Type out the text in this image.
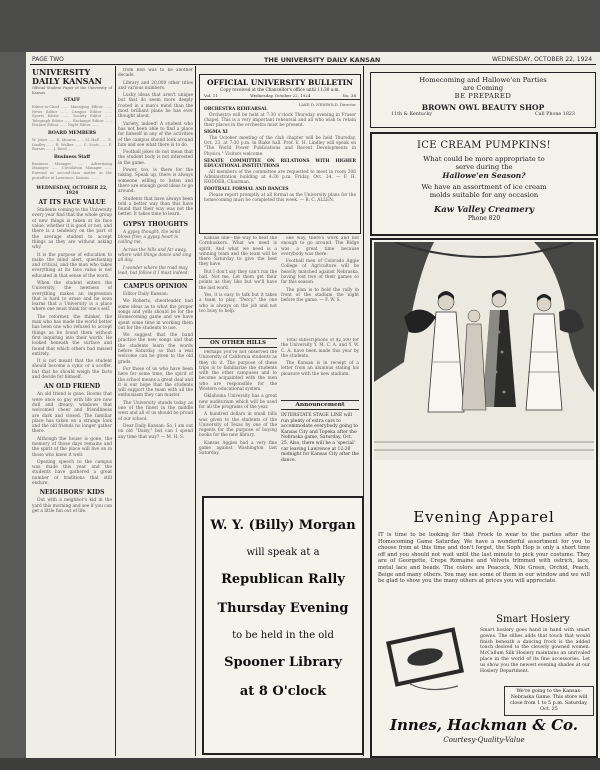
PAGE TWO	THE UNIVERSITY DAILY KANSAN	WEDNESDAY, OCTOBER 22, 1924
UNIVERSITY DAILY KANSAN
Official Student Paper of the University of Kansas
STAFF
Editor-in-Chief ...... Managing Editor ...... News Editor ...... Campus Editor ...... Sports Editor ...... Society Editor ...... Telegraph Editor ...... Exchange Editor ...... Feature Editor ...... Night Editor ......
BOARD MEMBERS
W. Jones ...... K. Monroe ...... M. Hall ...... E. Lindley ...... R. Walker ...... C. Scott ...... F. Barnes ...... J. Reed ......
Business Staff
Business Manager ...... Advertising Manager ...... Circulation Manager ...... Entered as second-class matter at the postoffice at Lawrence, Kansas ......
WEDNESDAY, OCTOBER 22, 1924
AT ITS FACE VALUE

Students coming to the University every year find that the whole group of new things is taken at its face value, whether it is good or not, and there is a tendency on the part of the average student to accept things as they are without asking why.

It is the purpose of education to make the mind alert, questioning and critical, and the man who takes everything at its face value is not educated in that sense of the word.

When the student enters the University, the newness of everything makes an impression that is hard to erase and he soon learns that a University is a place where one must think for one's self.

The reformer, the thinker, the man who has made the world better has been one who refused to accept things as he found them without first inquiring into their worth. He looked beneath the surface and found that which others had missed entirely.

It is not meant that the student should become a cynic or a scoffer, but that he should weigh the facts and decide for himself.

AN OLD FRIEND

An old friend is gone. Rooms that were once so gay with life are now dull and dreary; windows that welcomed cheer and friendliness are dark and closed. The familiar place has taken on a strange look and the old friends no longer gather there.

Although the house is gone, the memory of those days remains and the spirit of the place will live on in those who knew it well.

Opening speech to the campus was made this year and the students have gathered a great number of traditions that still endure.

NEIGHBORS' KIDS

Out with a neighbor's kid in the yard this morning and see if you can get a little fun out of life.

from Bob was to be another decade.

Library and 20,000 other titles and various numbers.

Lucky ideas that aren't unique but that do seem more deeply rooted in a man's mind than the most brilliant plans he has ever thought about.

Variety, indeed! A student who has not been able to find a place for himself in any of the activities of the campus should look around him and see what there is to do.

Football jokes do not mean that the student body is not interested in the game.

Power, too, is there for the taking. Speak up, there is always someone willing to listen and there are enough good ideas to go around.

Students that have always been told a better way than this have found that their way was not the better. It takes time to learn.

GYPSY THOUGHTS

A gypsy thought, the wind blows free; a gypsy heart is calling me,

Across the hills and far away, where wild things dance and sing all day.

I wonder where the road may lead, but follow it I must indeed.

CAMPUS OPINION

Editor Daily Kansan:

We Roberts, cheerleader, had some ideas as to what the proper songs and yells should be for the Homecoming game and we have spent some time in working them out for the students to use.

We suggest that the band practice the new songs and that the students learn the words before Saturday so that a real welcome can be given to the old grads.

For those of us who have been here for some time, the spirit of the school means a great deal and it is our hope that the students will support the team with all the enthusiasm they can muster.

The University stands today as one of the finest in the middle west and all of us should be proud of our school.

Dear Daily Kansan: So, I am out on old "Daisy," but can I spend any time that way? — M. H. S.

OFFICIAL UNIVERSITY BULLETIN
Copy received at the Chancellor's office until 11:30 a.m.
Vol. 11	Wednesday, October 22, 1924	No. 38
LAKE D. NEWBOLD, Director
ORCHESTRA REHEARSAL

Orchestra will be held at 7:30 o'clock Thursday evening in Fraser chapel. This is a very important rehearsal and all who wish to retain their places in the orchestra must be present.

SIGMA XI

The October meeting of the club chapter will be held Thursday, Oct. 23, at 7:30 p.m. in Blake hall. Prof. E. H. Lindley will speak on "The World Power Publications and Recent Developments in Physics." Visitors welcome.

SENATE COMMITTEE ON RELATIONS WITH HIGHER EDUCATIONAL INSTITUTIONS

All members of the committee are requested to meet in room 206 Administration building at 4:30 p.m. Friday, Oct. 24. — F. H. HODDER, Chairman.

FOOTBALL FORMAL AND DANCES

Please report promptly at all formal as the University plans for the homecoming must be completed this week. — R. C. ALLEN.

Kansas line—the way to beat the Cornhuskers. What we need is spirit. And what we need is a winning team and the team will be there Saturday to give the best they have.

But I don't say they can't run the ball. Not me. Let them get their points as they like but we'll have the last word.

Yes, it is easy to talk but it takes a team to play. "Percy," the one who is always on the job and not too busy to help.

one way, there's work and not enough to go around. The Ridge was a great time because everybody was there.

Football men of Colorado Aggie College of Agriculture will be heavily matched against Nebraska, having lost two of their games so far this season.

The plan is to hold the rally in front of the stadium the night before the game. — F. W. S.

ON OTHER HILLS

Perhaps you've not observed the University of California students as they do it. The purpose of these trips is to familiarize the students with the other campuses and to become acquainted with the men who are responsible for the Western educational system.

Oklahoma University has a great new auditorium which will be used for all the programs of the year.

A hundred dollars in small bills was given to the students of the University of Texas by one of the regents for the purpose of buying books for the new library.

Kansas Aggies had a very fine game against Washington last Saturday.

Announcement
INTERSTATE STAGE LINE will run plenty of extra cars to accommodate everybody going to Kansas City and Topeka after the Nebraska game, Saturday, Oct. 25. Also, there will be a 'special' car leaving Lawrence at 12:30 midnight for Kansas City after the dance.

Total subscriptions of $2,500 for the University Y. M. C. A. and Y. W. C. A. have been made this year by the students.

The Kansan is in receipt of a letter from an alumnus stating his pleasure with the new stadium.

W. Y. (Billy) Morgan
will speak at a
Republican Rally
Thursday Evening
to be held in the old
Spooner Library
at 8 O'clock
Homecoming and Hallowe'en Parties
are Coming
BE PREPARED
BROWN OWL BEAUTY SHOP
11th & Kentucky	Call Phone 1823
ICE CREAM PUMPKINS!
What could be more appropriate to
serve during the
Hallowe'en Season?
We have an assortment of ice cream
molds suitable for any occasion
Kaw Valley Creamery
Phone 820
Evening Apparel
IT is time to be looking for that Frock to wear to the parties after the Homecoming Game Saturday. We have a wonderful assortment for you to choose from at this time and don't forget, the Soph Hop is only a short time off and you should not wait until the last minute to pick your costume. They are of Georgette, Crepe Romaine and Velvets trimmed with ostrich, lace, metal lace and beads. The colors are Peacock, Nile Green, Orchid, Peach, Beige and many others. You may see some of them in our window and we will be glad to show you the many others at prices you will appreciate.
Smart Hosiery
Smart hosiery goes hand in hand with smart gowns. The sillies adds that touch that would finish beneath a dancing frock is the added touch desired to the cleverly gowned women. McCallum Silk Hosiery maintains an unrivaled place in the world of its fine accessories. Let us show you the newest evening shades at our Hosiery Department.
We're going to the Kansas-Nebraska Game. This store will close from 1 to 5 p.m. Saturday, Oct. 25
Innes, Hackman & Co.
Courtesy-Quality-Value
